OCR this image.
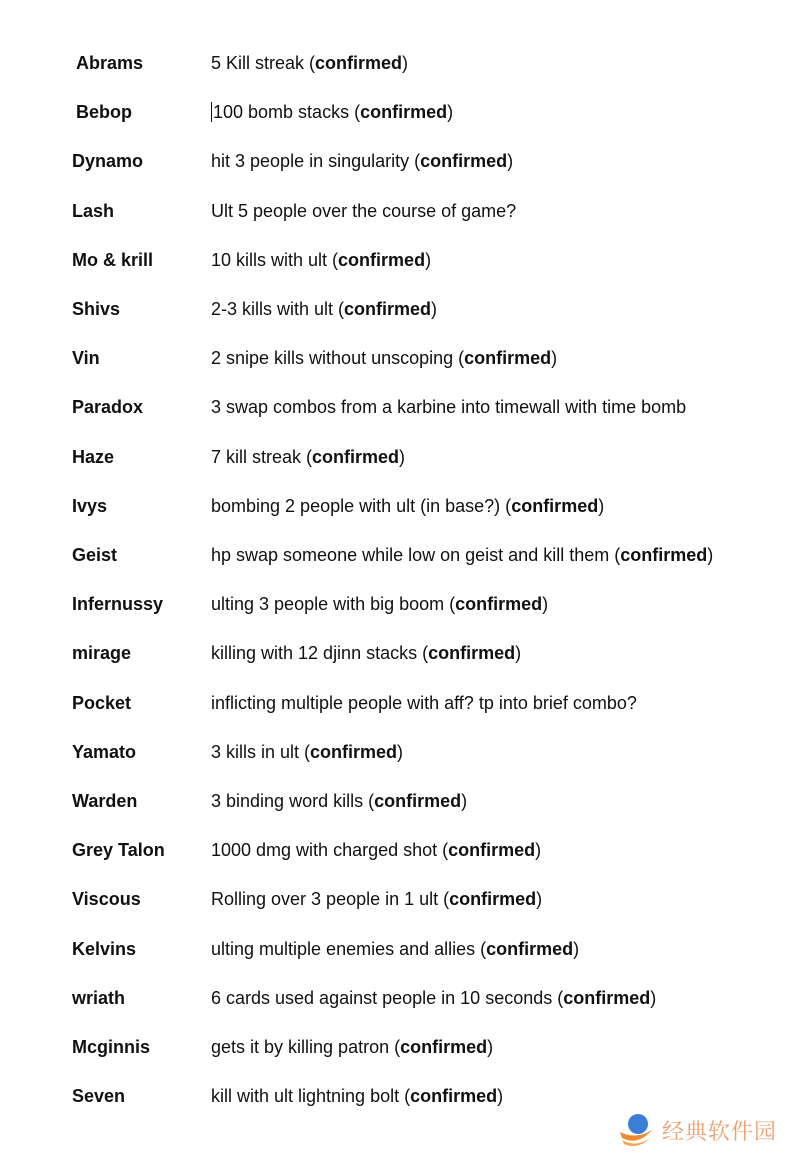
Abrams	5 Kill streak (confirmed)
Bebop	100 bomb stacks (confirmed)
Dynamo	hit 3 people in singularity (confirmed)
Lash	Ult 5 people over the course of game?
Mo & krill	10 kills with ult (confirmed)
Shivs	2-3 kills with ult (confirmed)
Vin	2 snipe kills without unscoping (confirmed)
Paradox	3 swap combos from a karbine into timewall with time bomb
Haze	7 kill streak (confirmed)
Ivys	bombing 2 people with ult (in base?) (confirmed)
Geist	hp swap someone while low on geist and kill them (confirmed)
Infernussy	ulting 3 people with big boom (confirmed)
mirage	killing with 12 djinn stacks (confirmed)
Pocket	inflicting multiple people with aff? tp into brief combo?
Yamato	3 kills in ult (confirmed)
Warden	3 binding word kills (confirmed)
Grey Talon	1000 dmg with charged shot (confirmed)
Viscous	Rolling over 3 people in 1 ult (confirmed)
Kelvins	ulting multiple enemies and allies (confirmed)
wriath	6 cards used against people in 10 seconds (confirmed)
Mcginnis	gets it by killing patron (confirmed)
Seven	kill with ult lightning bolt (confirmed)
经典软件园
